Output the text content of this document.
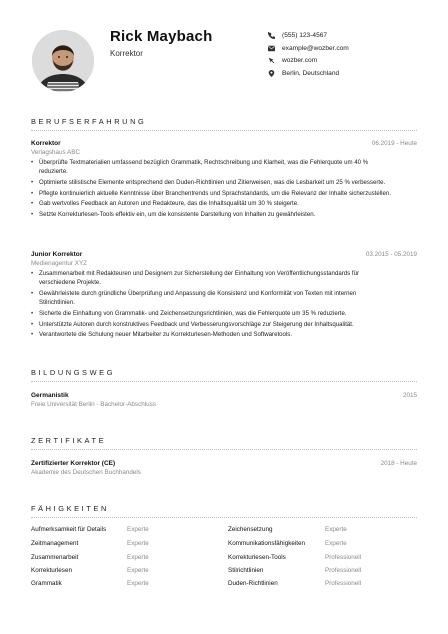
Rick Maybach
Korrektor
(555) 123-4567
example@wozber.com
wozber.com
Berlin, Deutschland
BERUFSERFAHRUNG
Korrektor	06.2019 - Heute
Verlagshaus ABC
• Überprüfte Textmaterialien umfassend bezüglich Grammatik, Rechtschreibung und Klarheit, was die Fehlerquote um 40 % reduzierte.
• Optimierte stilistische Elemente entsprechend den Duden-Richtlinien und Zitierweisen, was die Lesbarkeit um 25 % verbesserte.
• Pflegte kontinuierlich aktuelle Kenntnisse über Branchentrends und Sprachstandards, um die Relevanz der Inhalte sicherzustellen.
• Gab wertvolles Feedback an Autoren und Redakteure, das die Inhaltsqualität um 30 % steigerte.
• Setzte Korrekturlesen-Tools effektiv ein, um die konsistente Darstellung von Inhalten zu gewährleisten.
Junior Korrektor	03.2015 - 05.2019
Medienagentur XYZ
• Zusammenarbeit mit Redakteuren und Designern zur Sicherstellung der Einhaltung von Veröffentlichungsstandards für verschiedene Projekte.
• Gewährleistete durch gründliche Überprüfung und Anpassung die Konsistenz und Konformität von Texten mit internen Stilrichtlinien.
• Sicherte die Einhaltung von Grammatik- und Zeichensetzungsrichtlinien, was die Fehlerquote um 35 % reduzierte.
• Unterstützte Autoren durch konstruktives Feedback und Verbesserungsvorschläge zur Steigerung der Inhaltsqualität.
• Verantwortete die Schulung neuer Mitarbeiter zu Korrekturlesen-Methoden und Softwaretools.
BILDUNGSWEG
Germanistik	2015
Freie Universität Berlin - Bachelor-Abschluss
ZERTIFIKATE
Zertifizierter Korrektor (CE)	2018 - Heute
Akademie des Deutschen Buchhandels
FÄHIGKEITEN
Aufmerksamkeit für Details	Experte	Zeichensetzung	Experte
Zeitmanagement	Experte	Kommunikationsfähigkeiten	Experte
Zusammenarbeit	Experte	Korrekturlesen-Tools	Professionell
Korrekturlesen	Experte	Stilrichtlinien	Professionell
Grammatik	Experte	Duden-Richtlinien	Professionell
